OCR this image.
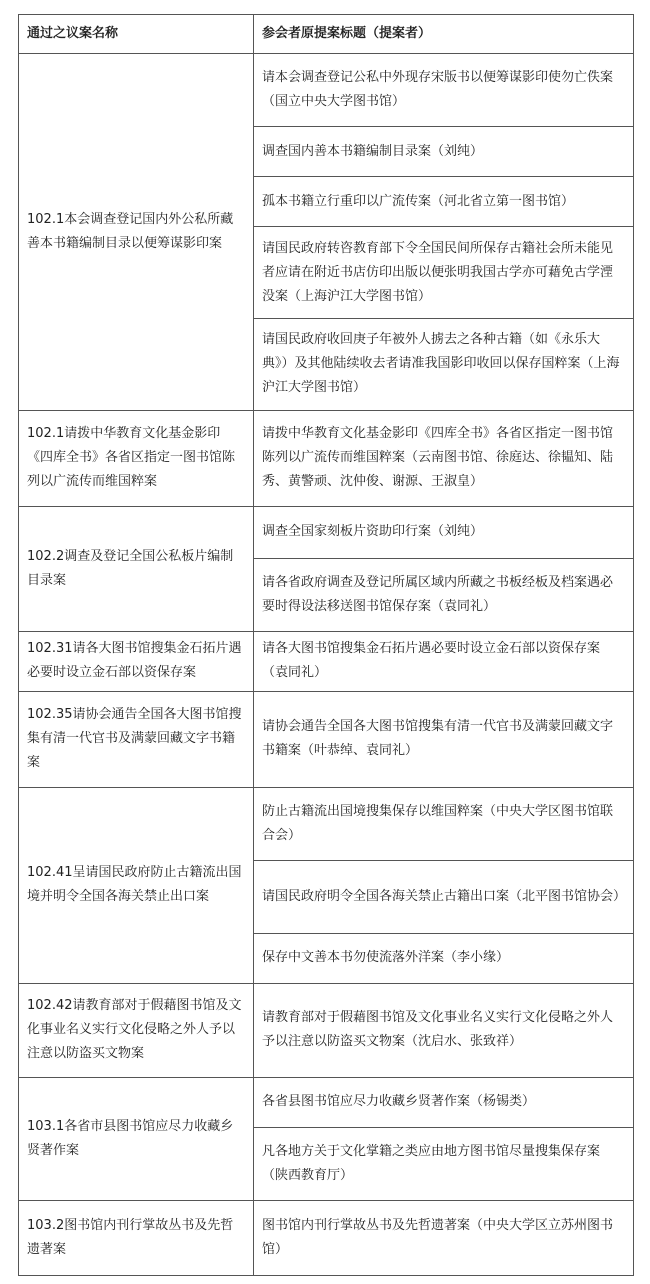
通过之议案名称	参会者原提案标题（提案者）
102.1本会调查登记国内外公私所藏善本书籍编制目录以便筹谋影印案	请本会调查登记公私中外现存宋版书以便筹谋影印使勿亡佚案（国立中央大学图书馆）
	调查国内善本书籍编制目录案（刘纯）
	孤本书籍立行重印以广流传案（河北省立第一图书馆）
	请国民政府转咨教育部下令全国民间所保存古籍社会所未能见者应请在附近书店仿印出版以便张明我国古学亦可藉免古学湮没案（上海沪江大学图书馆）
	请国民政府收回庚子年被外人掳去之各种古籍（如《永乐大典》）及其他陆续收去者请准我国影印收回以保存国粹案（上海沪江大学图书馆）
102.1请拨中华教育文化基金影印《四库全书》各省区指定一图书馆陈列以广流传而维国粹案	请拨中华教育文化基金影印《四库全书》各省区指定一图书馆陈列以广流传而维国粹案（云南图书馆、徐庭达、徐韫知、陆秀、黄警顽、沈仲俊、谢源、王淑皇）
102.2调查及登记全国公私板片编制目录案	调查全国家刻板片资助印行案（刘纯）
	请各省政府调查及登记所属区域内所藏之书板经板及档案遇必要时得设法移送图书馆保存案（袁同礼）
102.31请各大图书馆搜集金石拓片遇必要时设立金石部以资保存案	请各大图书馆搜集金石拓片遇必要时设立金石部以资保存案（袁同礼）
102.35请协会通告全国各大图书馆搜集有清一代官书及满蒙回藏文字书籍案	请协会通告全国各大图书馆搜集有清一代官书及满蒙回藏文字书籍案（叶恭绰、袁同礼）
102.41呈请国民政府防止古籍流出国境并明令全国各海关禁止出口案	防止古籍流出国境搜集保存以维国粹案（中央大学区图书馆联合会）
	请国民政府明令全国各海关禁止古籍出口案（北平图书馆协会）
	保存中文善本书勿使流落外洋案（李小缘）
102.42请教育部对于假藉图书馆及文化事业名义实行文化侵略之外人予以注意以防盗买文物案	请教育部对于假藉图书馆及文化事业名义实行文化侵略之外人予以注意以防盗买文物案（沈启水、张致祥）
103.1各省市县图书馆应尽力收藏乡贤著作案	各省县图书馆应尽力收藏乡贤著作案（杨锡类）
	凡各地方关于文化掌籍之类应由地方图书馆尽量搜集保存案（陕西教育厅）
103.2图书馆内刊行掌故丛书及先哲遗著案	图书馆内刊行掌故丛书及先哲遗著案（中央大学区立苏州图书馆）
